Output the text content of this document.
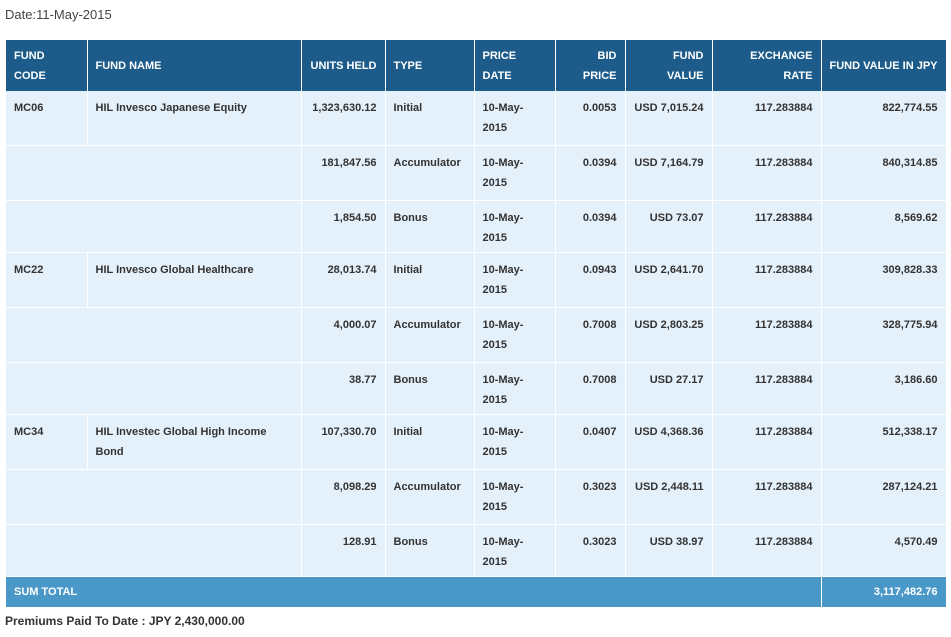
Date:11-May-2015
FUND CODE	FUND NAME	UNITS HELD	TYPE	PRICE DATE	BID PRICE	FUND VALUE	EXCHANGE RATE	FUND VALUE IN JPY
MC06	HIL Invesco Japanese Equity	1,323,630.12	Initial	10-May-2015	0.0053	USD 7,015.24	117.283884	822,774.55
		181,847.56	Accumulator	10-May-2015	0.0394	USD 7,164.79	117.283884	840,314.85
		1,854.50	Bonus	10-May-2015	0.0394	USD 73.07	117.283884	8,569.62
MC22	HIL Invesco Global Healthcare	28,013.74	Initial	10-May-2015	0.0943	USD 2,641.70	117.283884	309,828.33
		4,000.07	Accumulator	10-May-2015	0.7008	USD 2,803.25	117.283884	328,775.94
		38.77	Bonus	10-May-2015	0.7008	USD 27.17	117.283884	3,186.60
MC34	HIL Investec Global High Income Bond	107,330.70	Initial	10-May-2015	0.0407	USD 4,368.36	117.283884	512,338.17
		8,098.29	Accumulator	10-May-2015	0.3023	USD 2,448.11	117.283884	287,124.21
		128.91	Bonus	10-May-2015	0.3023	USD 38.97	117.283884	4,570.49
SUM TOTAL								3,117,482.76
Premiums Paid To Date : JPY 2,430,000.00
